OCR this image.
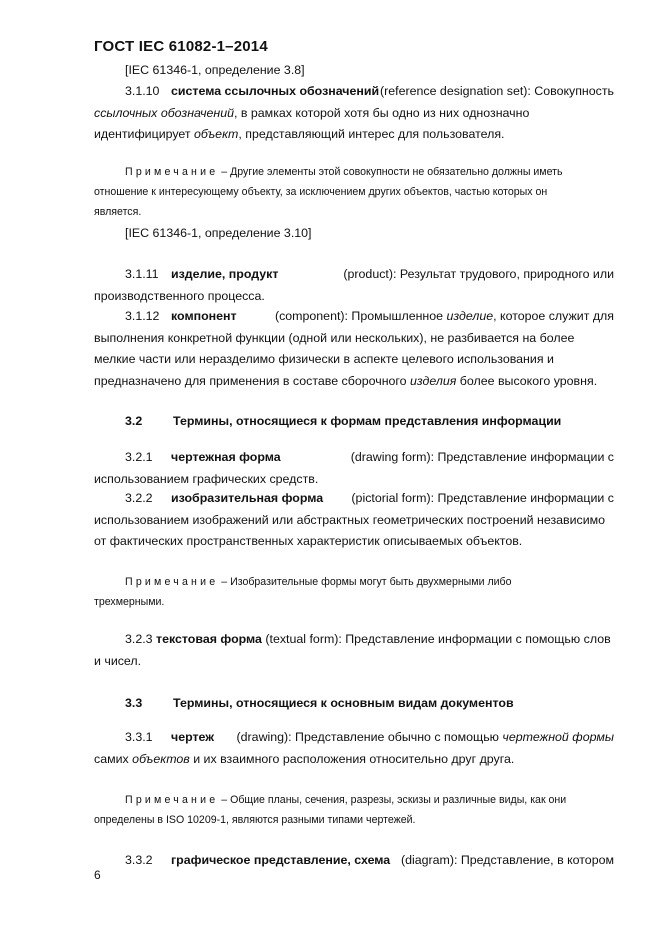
ГОСТ IEC 61082-1–2014
[IEC 61346-1, определение 3.8]
3.1.10 система ссылочных обозначений (reference designation set): Совокупность
ссылочных обозначений, в рамках которой хотя бы одно из них однозначно
идентифицирует объект, представляющий интерес для пользователя.
Примечание – Другие элементы этой совокупности не обязательно должны иметь
отношение к интересующему объекту, за исключением других объектов, частью которых он
является.
[IEC 61346-1, определение 3.10]
3.1.11 изделие, продукт	(product): Результат трудового, природного или
производственного процесса.
3.1.12 компонент	(component): Промышленное изделие, которое служит для
выполнения конкретной функции (одной или нескольких), не разбивается на более
мелкие части или неразделимо физически в аспекте целевого использования и
предназначено для применения в составе сборочного изделия более высокого уровня.
3.2 Термины, относящиеся к формам представления информации
3.2.1 чертежная форма	(drawing form): Представление информации с
использованием графических средств.
3.2.2 изобразительная форма (pictorial form): Представление информации с
использованием изображений или абстрактных геометрических построений независимо
от фактических пространственных характеристик описываемых объектов.
Примечание – Изобразительные формы могут быть двухмерными либо
трехмерными.
3.2.3 текстовая форма (textual form): Представление информации с помощью слов
и чисел.
3.3 Термины, относящиеся к основным видам документов
3.3.1 чертеж (drawing): Представление обычно с помощью чертежной формы
самих объектов и их взаимного расположения относительно друг друга.
Примечание – Общие планы, сечения, разрезы, эскизы и различные виды, как они
определены в ISO 10209-1, являются разными типами чертежей.
3.3.2 графическое представление, схема (diagram): Представление, в котором
6
